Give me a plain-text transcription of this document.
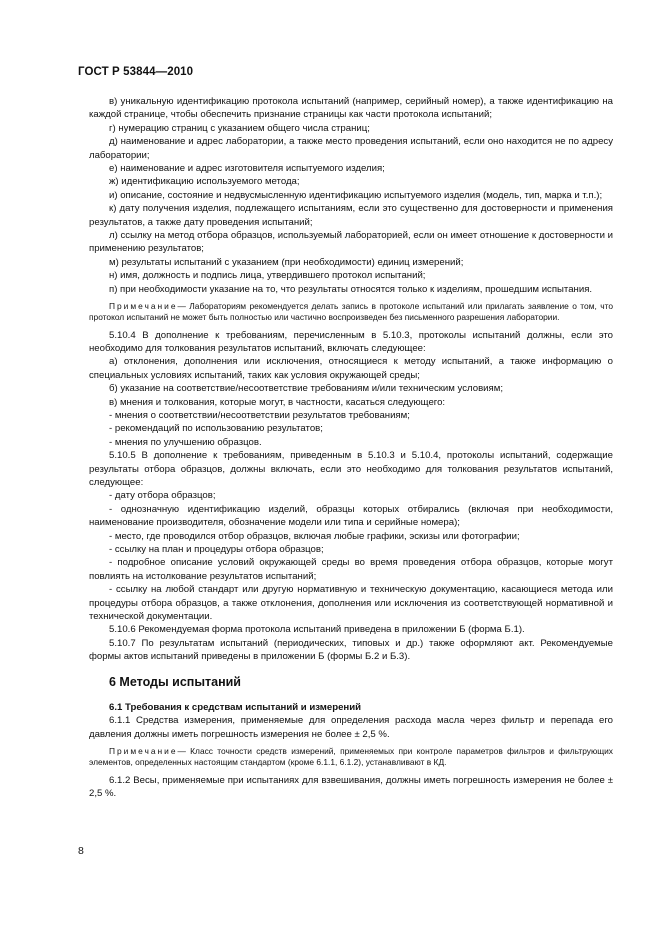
ГОСТ Р 53844—2010

в) уникальную идентификацию протокола испытаний (например, серийный номер), а также идентификацию на каждой странице, чтобы обеспечить признание страницы как части протокола испытаний;

г) нумерацию страниц с указанием общего числа страниц;

д) наименование и адрес лаборатории, а также место проведения испытаний, если оно находится не по адресу лаборатории;

е) наименование и адрес изготовителя испытуемого изделия;

ж) идентификацию используемого метода;

и) описание, состояние и недвусмысленную идентификацию испытуемого изделия (модель, тип, марка и т.п.);

к) дату получения изделия, подлежащего испытаниям, если это существенно для достоверности и применения результатов, а также дату проведения испытаний;

л) ссылку на метод отбора образцов, используемый лабораторией, если он имеет отношение к достоверности и применению результатов;

м) результаты испытаний с указанием (при необходимости) единиц измерений;

н) имя, должность и подпись лица, утвердившего протокол испытаний;

п) при необходимости указание на то, что результаты относятся только к изделиям, прошедшим испытания.

Примечание— Лабораториям рекомендуется делать запись в протоколе испытаний или прилагать заявление о том, что протокол испытаний не может быть полностью или частично воспроизведен без письменного разрешения лаборатории.

5.10.4 В дополнение к требованиям, перечисленным в 5.10.3, протоколы испытаний должны, если это необходимо для толкования результатов испытаний, включать следующее:

а) отклонения, дополнения или исключения, относящиеся к методу испытаний, а также информацию о специальных условиях испытаний, таких как условия окружающей среды;

б) указание на соответствие/несоответствие требованиям и/или техническим условиям;

в) мнения и толкования, которые могут, в частности, касаться следующего:

- мнения о соответствии/несоответствии результатов требованиям;

- рекомендаций по использованию результатов;

- мнения по улучшению образцов.

5.10.5 В дополнение к требованиям, приведенным в 5.10.3 и 5.10.4, протоколы испытаний, содержащие результаты отбора образцов, должны включать, если это необходимо для толкования результатов испытаний, следующее:

- дату отбора образцов;

- однозначную идентификацию изделий, образцы которых отбирались (включая при необходимости, наименование производителя, обозначение модели или типа и серийные номера);

- место, где проводился отбор образцов, включая любые графики, эскизы или фотографии;

- ссылку на план и процедуры отбора образцов;

- подробное описание условий окружающей среды во время проведения отбора образцов, которые могут повлиять на истолкование результатов испытаний;

- ссылку на любой стандарт или другую нормативную и техническую документацию, касающиеся метода или процедуры отбора образцов, а также отклонения, дополнения или исключения из соответствующей нормативной и технической документации.

5.10.6 Рекомендуемая форма протокола испытаний приведена в приложении Б (форма Б.1).

5.10.7 По результатам испытаний (периодических, типовых и др.) также оформляют акт. Рекомендуемые формы актов испытаний приведены в приложении Б (формы Б.2 и Б.3).

6 Методы испытаний

6.1 Требования к средствам испытаний и измерений

6.1.1 Средства измерения, применяемые для определения расхода масла через фильтр и перепада его давления должны иметь погрешность измерения не более ± 2,5 %.

Примечание— Класс точности средств измерений, применяемых при контроле параметров фильтров и фильтрующих элементов, определенных настоящим стандартом (кроме 6.1.1, 6.1.2), устанавливают в КД.

6.1.2 Весы, применяемые при испытаниях для взвешивания, должны иметь погрешность измерения не более ± 2,5 %.

8
